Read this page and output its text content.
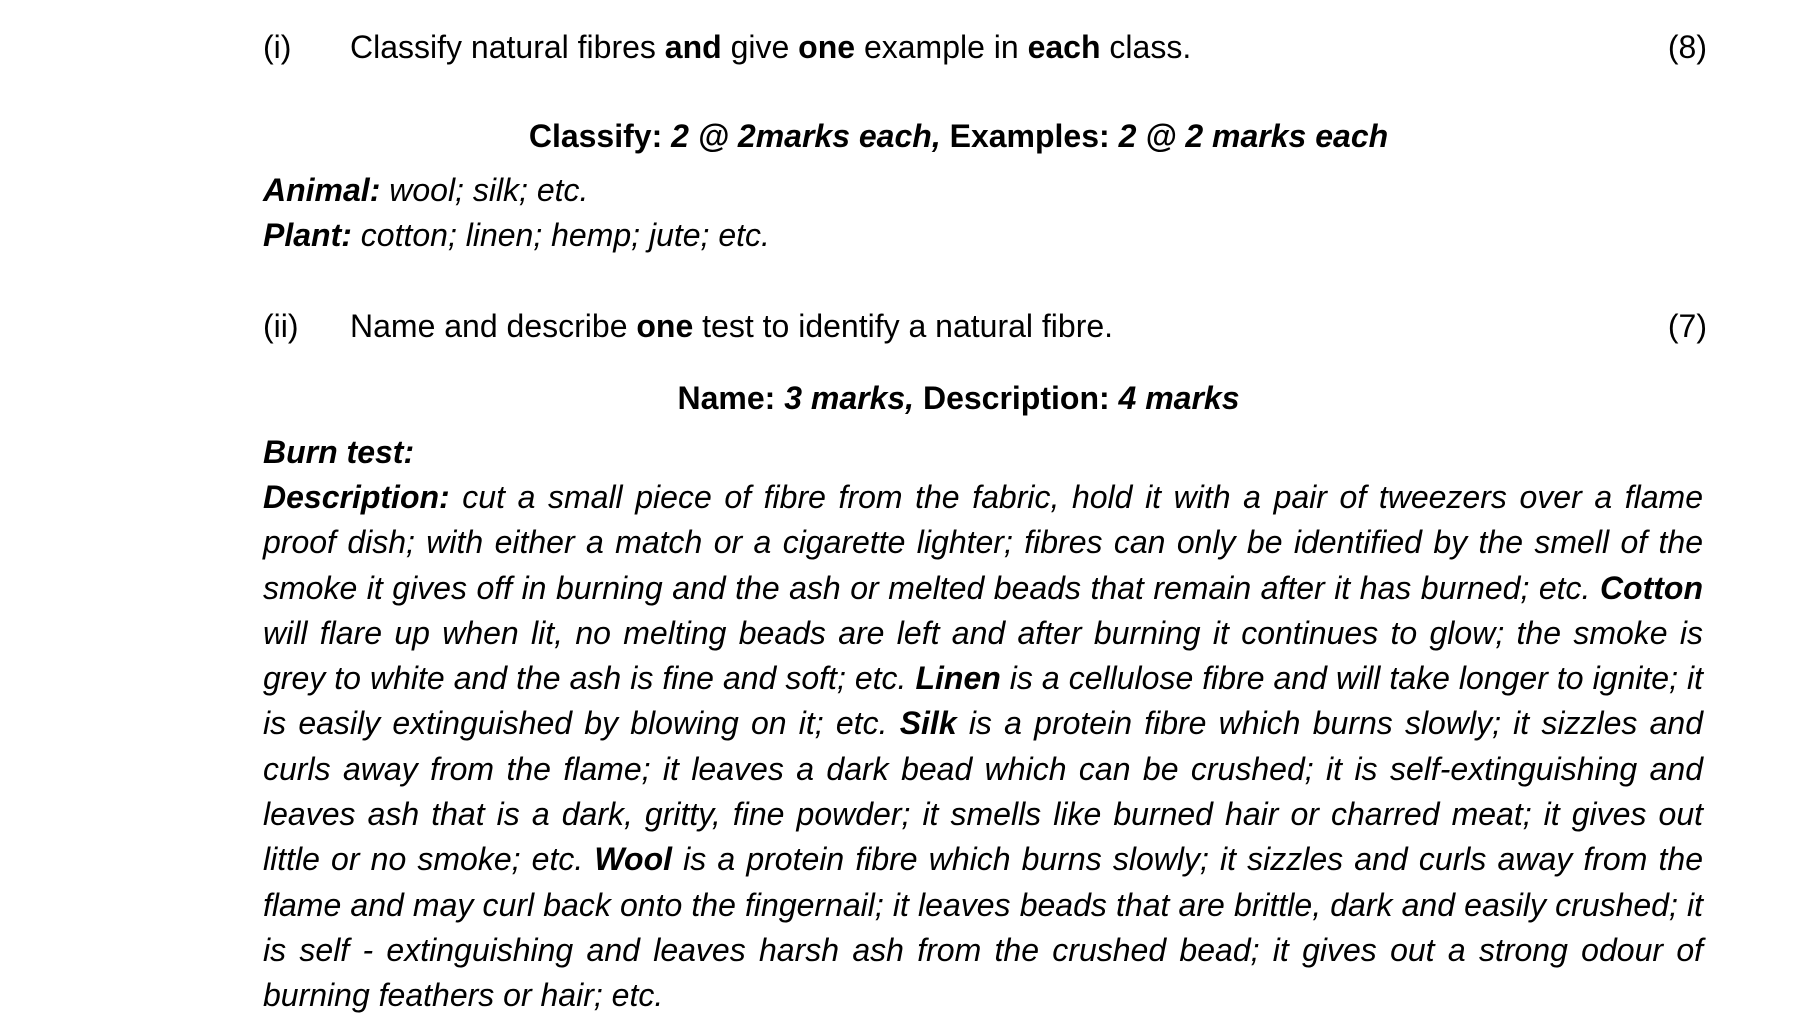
(i)	Classify natural fibres and give one example in each class.	(8)
Classify: 2 @ 2marks each, Examples: 2 @ 2 marks each
Animal: wool; silk; etc.
Plant: cotton; linen; hemp; jute; etc.
(ii)	Name and describe one test to identify a natural fibre.	(7)
Name: 3 marks, Description: 4 marks
Burn test:
Description: cut a small piece of fibre from the fabric, hold it with a pair of tweezers over a flame proof dish; with either a match or a cigarette lighter; fibres can only be identified by the smell of the smoke it gives off in burning and the ash or melted beads that remain after it has burned; etc. Cotton will flare up when lit, no melting beads are left and after burning it continues to glow; the smoke is grey to white and the ash is fine and soft; etc. Linen is a cellulose fibre and will take longer to ignite; it is easily extinguished by blowing on it; etc. Silk is a protein fibre which burns slowly; it sizzles and curls away from the flame; it leaves a dark bead which can be crushed; it is self-extinguishing and leaves ash that is a dark, gritty, fine powder; it smells like burned hair or charred meat; it gives out little or no smoke; etc. Wool is a protein fibre which burns slowly; it sizzles and curls away from the flame and may curl back onto the fingernail; it leaves beads that are brittle, dark and easily crushed; it is self - extinguishing and leaves harsh ash from the crushed bead; it gives out a strong odour of burning feathers or hair; etc.
